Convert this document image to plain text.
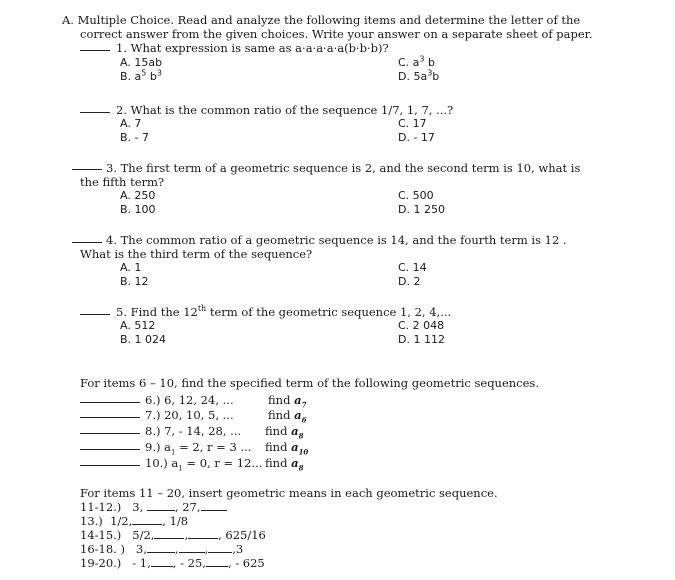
A. Multiple Choice. Read and analyze the following items and determine the letter of the
correct answer from the given choices. Write your answer on a separate sheet of paper.
1. What expression is same as a·a·a·a·a(b·b·b)?
A. 15ab	C. $a^3$ b
B. $a^5$ $b^3$	D. $5a^3b$
2. What is the common ratio of the sequence 1/7, 1, 7, ...?
A. 7	C. 17
B. - 7	D. - 17
3. The first term of a geometric sequence is 2, and the second term is 10, what is
the fifth term?
A. 250	C. 500
B. 100	D. 1 250
4. The common ratio of a geometric sequence is 14, and the fourth term is 12 .
What is the third term of the sequence?
A. 1	C. 14
B. 12	D. 2
5. Find the 12th term of the geometric sequence 1, 2, 4,...
A. 512	C. 2 048
B. 1 024	D. 1 112
For items 6 – 10, find the specified term of the following geometric sequences.
6.) 6, 12, 24, ...	find $a_7$
7.) 20, 10, 5, ...	find $a_6$
8.) 7, - 14, 28, ... find $a_8$
9.) $a_1 = 2$, r = 3 ... find $a_{10}$
10.) $a_1 = 0$, r = 12... find $a_8$
For items 11 – 20, insert geometric means in each geometric sequence.
11-12.) 3,	, 27,
13.) 1/2,	, 1/8
14-15.) 5/2,	,	, 625/16
16-18. ) 3, , , ,3
19-20.) - 1, , - 25, , - 625
